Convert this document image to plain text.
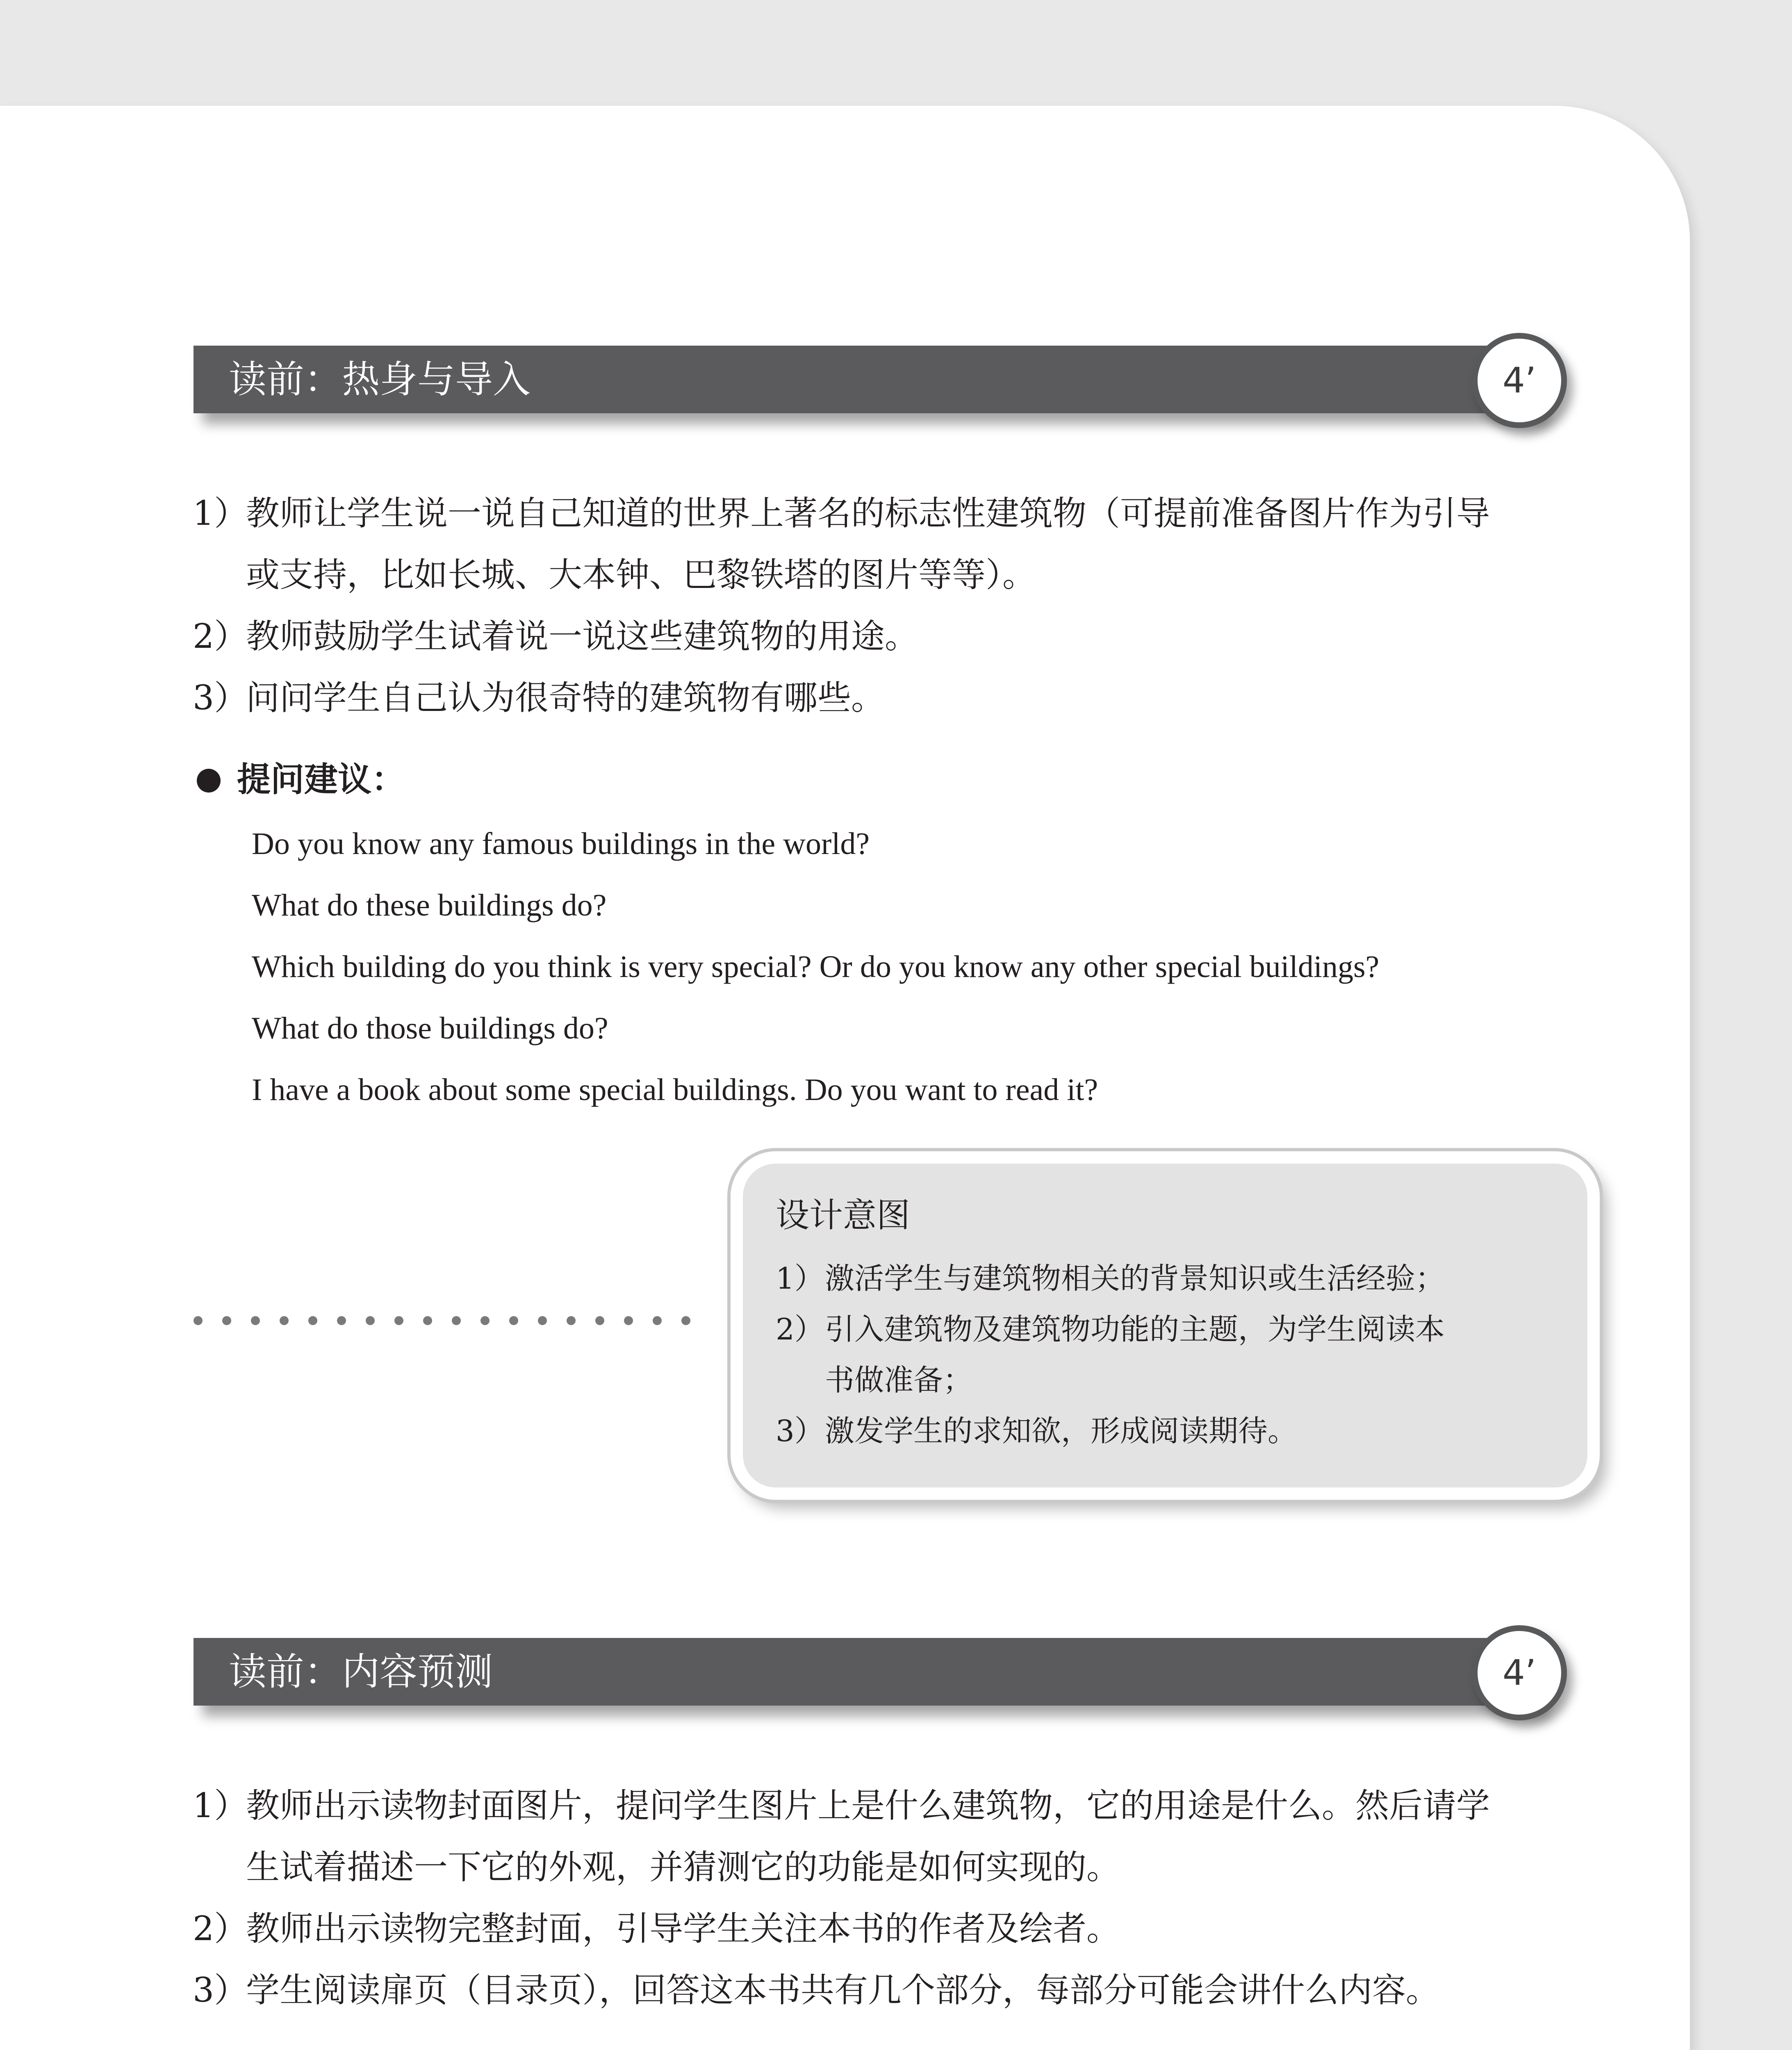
读前：热身与导入	4’
1）教师让学生说一说自己知道的世界上著名的标志性建筑物（可提前准备图片作为引导
或支持，比如长城、大本钟、巴黎铁塔的图片等等）。
2）教师鼓励学生试着说一说这些建筑物的用途。
3）问问学生自己认为很奇特的建筑物有哪些。
提问建议：
Do you know any famous buildings in the world?
What do these buildings do?
Which building do you think is very special? Or do you know any other special buildings?
What do those buildings do?
I have a book about some special buildings. Do you want to read it?
设计意图
1）激活学生与建筑物相关的背景知识或生活经验；
2）引入建筑物及建筑物功能的主题，为学生阅读本
书做准备；
3）激发学生的求知欲，形成阅读期待。
读前：内容预测	4’
1）教师出示读物封面图片，提问学生图片上是什么建筑物，它的用途是什么。然后请学
生试着描述一下它的外观，并猜测它的功能是如何实现的。
2）教师出示读物完整封面，引导学生关注本书的作者及绘者。
3）学生阅读扉页（目录页），回答这本书共有几个部分，每部分可能会讲什么内容。
